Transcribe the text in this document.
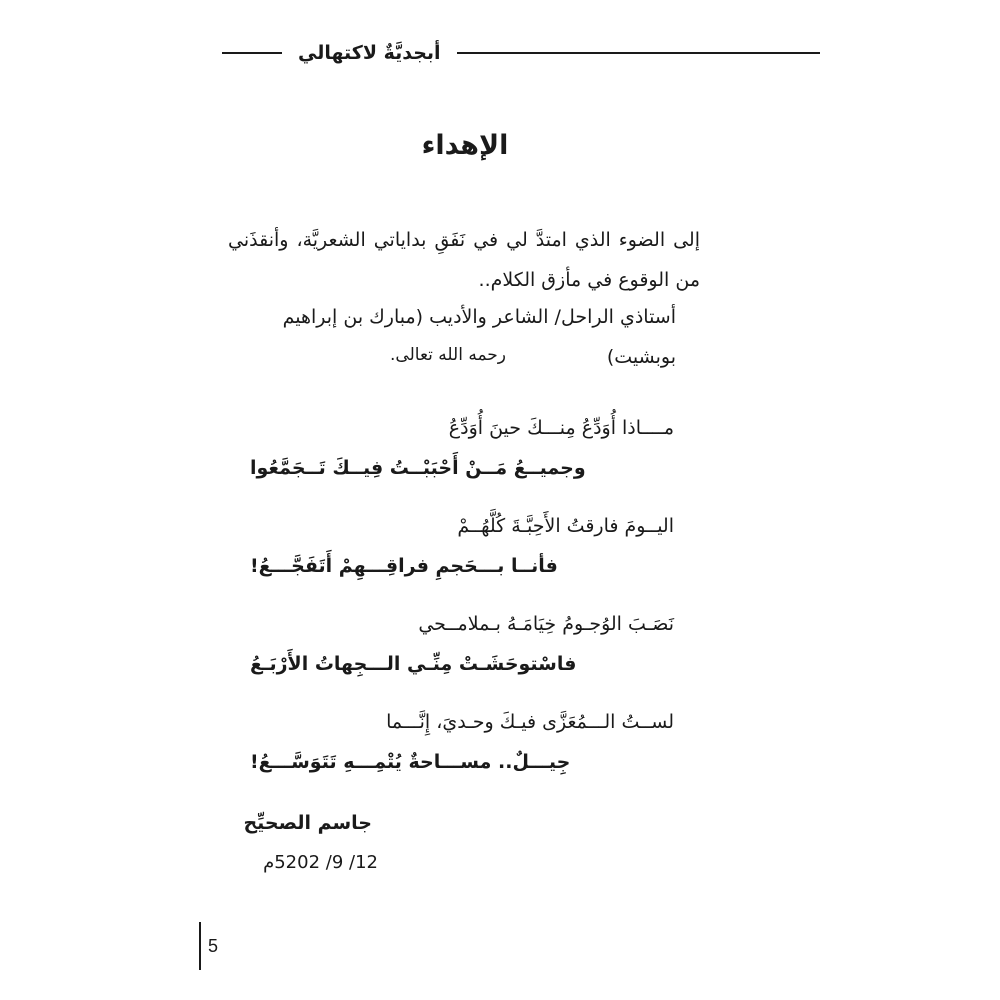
أبجديَّةٌ لاكتهالي
الإهداء

إلى الضوء الذي امتدَّ لي في نَفَقِ بداياتي الشعريَّة، وأنقذَني من الوقوع في مأزق الكلام..

أستاذي الراحل/ الشاعر والأديب (مبارك بن إبراهيم بوبشيت)
رحمه الله تعالى.
مــــاذا أُوَدِّعُ مِنـــكَ حينَ أُوَدِّعُ
وجميــعُ مَــنْ أَحْبَبْــتُ فِيــكَ تَــجَمَّعُوا
اليــومَ فارقتُ الأَحِبَّـةَ كُلَّهُــمْ
فأنــا بـــحَجمِ فراقِـــهِمْ أَتَفَجَّـــعُ!
نَصَـبَ الوُجـومُ خِيَامَـهُ بـملامــحي
فاسْتوحَشَـتْ مِنِّـي الـــجِهاتُ الأَرْبَـعُ
لســتُ الـــمُعَزَّى فيـكَ وحـديَ، إِنَّـــما
جِيـــلٌ.. مســـاحةٌ يُتْمِـــهِ تَتَوَسَّـــعُ!
جاسم الصحيِّح
12/ 9/ 5202م
5
